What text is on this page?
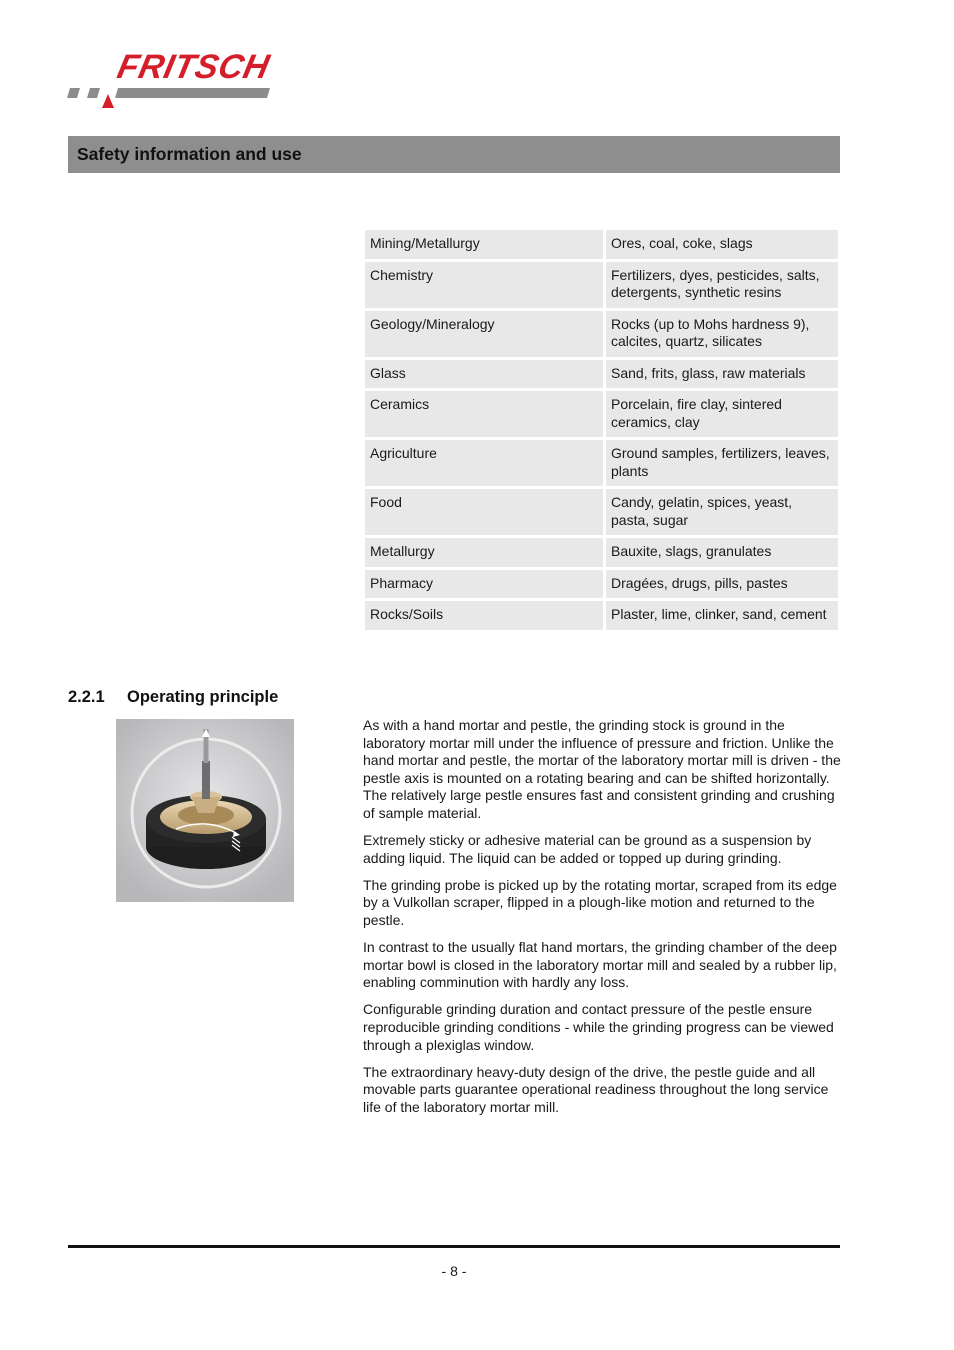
FRITSCH
Safety information and use
Mining/Metallurgy	Ores, coal, coke, slags
Chemistry	Fertilizers, dyes, pesticides, salts, detergents, synthetic resins
Geology/Mineralogy	Rocks (up to Mohs hardness 9), calcites, quartz, silicates
Glass	Sand, frits, glass, raw materials
Ceramics	Porcelain, fire clay, sintered ceramics, clay
Agriculture	Ground samples, fertilizers, leaves, plants
Food	Candy, gelatin, spices, yeast, pasta, sugar
Metallurgy	Bauxite, slags, granulates
Pharmacy	Dragées, drugs, pills, pastes
Rocks/Soils	Plaster, lime, clinker, sand, cement
2.2.1 Operating principle

As with a hand mortar and pestle, the grinding stock is ground in the laboratory mortar mill under the influence of pressure and friction. Unlike the hand mortar and pestle, the mortar of the laboratory mortar mill is driven - the pestle axis is mounted on a rotating bearing and can be shifted horizontally. The relatively large pestle ensures fast and consistent grinding and crushing of sample material.

Extremely sticky or adhesive material can be ground as a suspension by adding liquid. The liquid can be added or topped up during grinding.

The grinding probe is picked up by the rotating mortar, scraped from its edge by a Vulkollan scraper, flipped in a plough-like motion and returned to the pestle.

In contrast to the usually flat hand mortars, the grinding chamber of the deep mortar bowl is closed in the laboratory mortar mill and sealed by a rubber lip, enabling comminution with hardly any loss.

Configurable grinding duration and contact pressure of the pestle ensure reproducible grinding conditions - while the grinding progress can be viewed through a plexiglas window.

The extraordinary heavy-duty design of the drive, the pestle guide and all movable parts guarantee operational readiness throughout the long service life of the laboratory mortar mill.

- 8 -
